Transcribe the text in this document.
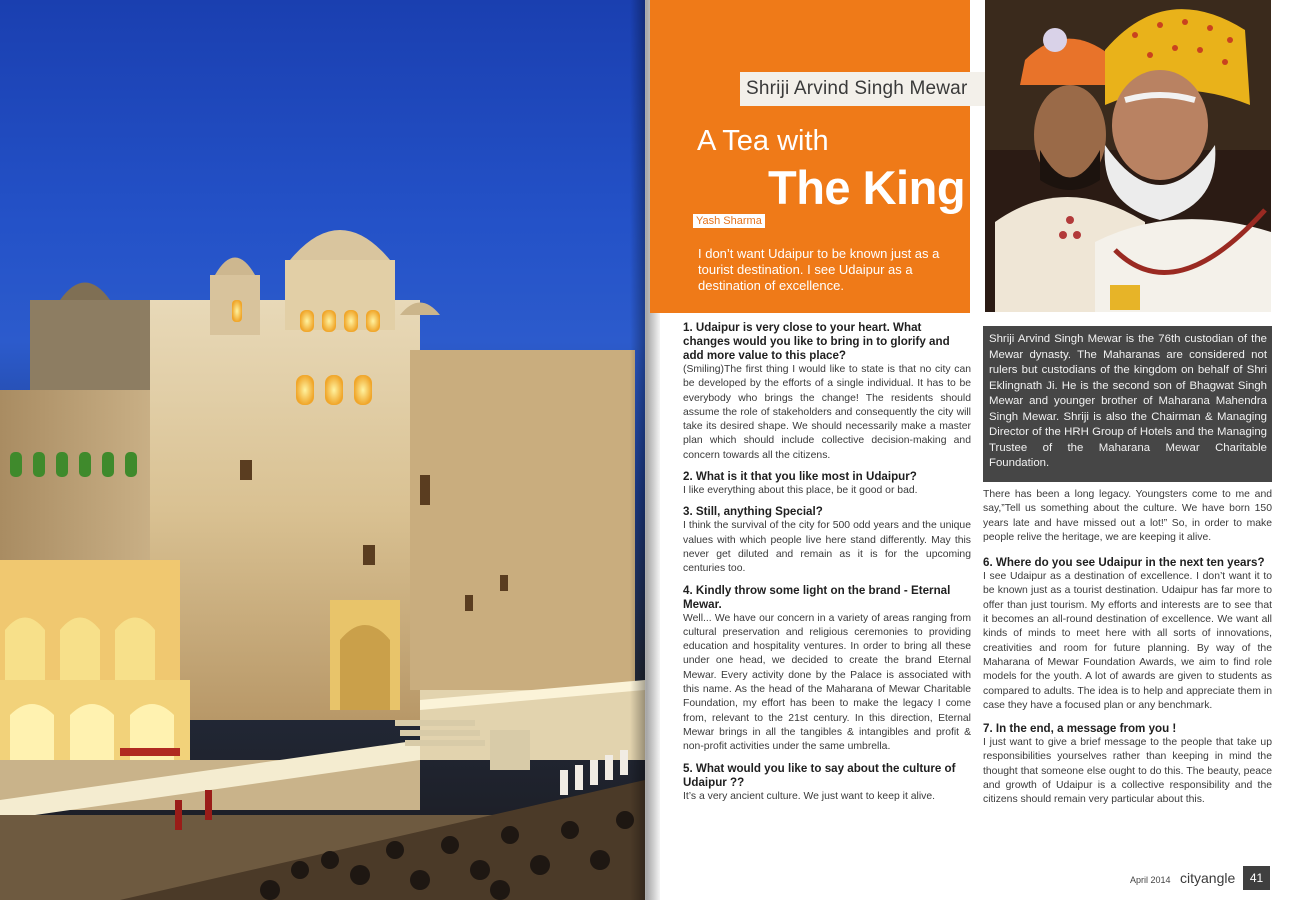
Shriji Arvind Singh Mewar
A Tea with
The King
Yash Sharma
I don’t want Udaipur to be known just as a tourist destination. I see Udaipur as a destination of excellence.
1. Udaipur is very close to your heart. What changes would you like to bring in to glorify and add more value to this place?

(Smiling)The first thing I would like to state is that no city can be developed by the efforts of a single individual. It has to be everybody who brings the change! The residents should assume the role of stakeholders and consequently the city will take its desired shape. We should necessarily make a master plan which should include collective decision-making and concern towards all the citizens.

2. What is it that you like most in Udaipur?

I like everything about this place, be it good or bad.

3. Still, anything Special?

I think the survival of the city for 500 odd years and the unique values with which people live here stand differently. May this never get diluted and remain as it is for the upcoming centuries too.

4. Kindly throw some light on the brand - Eternal Mewar.

Well... We have our concern in a variety of areas ranging from cultural preservation and religious ceremonies to providing education and hospitality ventures. In order to bring all these under one head, we decided to create the brand Eternal Mewar. Every activity done by the Palace is associated with this name. As the head of the Maharana of Mewar Charitable Foundation, my effort has been to make the legacy I come from, relevant to the 21st century. In this direction, Eternal Mewar brings in all the tangibles & intangibles and profit & non-profit activities under the same umbrella.

5. What would you like to say about the culture of Udaipur ??

It’s a very ancient culture. We just want to keep it alive.

Shriji Arvind Singh Mewar is the 76th custodian of the Mewar dynasty. The Maharanas are considered not rulers but custodians of the kingdom on behalf of Shri Eklingnath Ji. He is the second son of Bhagwat Singh Mewar and younger brother of Maharana Mahendra Singh Mewar. Shriji is also the Chairman & Managing Director of the HRH Group of Hotels and the Managing Trustee of the Maharana Mewar Charitable Foundation.

There has been a long legacy. Youngsters come to me and say,”Tell us something about the culture. We have born 150 years late and have missed out a lot!” So, in order to make people relive the heritage, we are keeping it alive.

6. Where do you see Udaipur in the next ten years?

I see Udaipur as a destination of excellence. I don’t want it to be known just as a tourist destination. Udaipur has far more to offer than just tourism. My efforts and interests are to see that it becomes an all-round destination of excellence. We want all kinds of minds to meet here with all sorts of innovations, creativities and room for future planning. By way of the Maharana of Mewar Foundation Awards, we aim to find role models for the youth. A lot of awards are given to students as compared to adults. The idea is to help and appreciate them in case they have a focused plan or any benchmark.

7. In the end, a message from you !

I just want to give a brief message to the people that take up responsibilities yourselves rather than keeping in mind the thought that someone else ought to do this. The beauty, peace and growth of Udaipur is a collective responsibility and the citizens should remain very particular about this.

April 2014 cityangle	41
